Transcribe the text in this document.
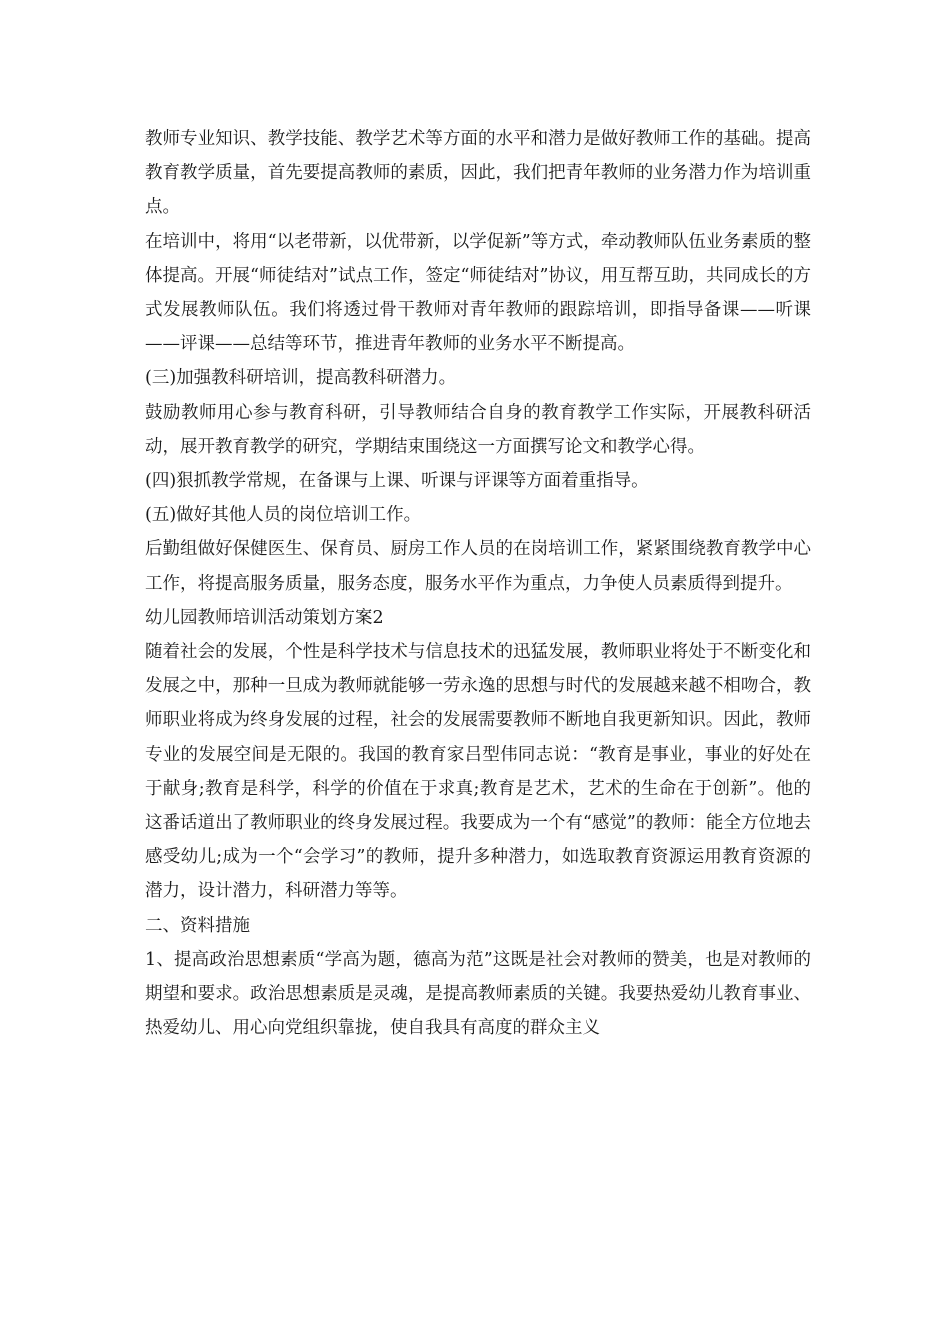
教师专业知识、教学技能、教学艺术等方面的水平和潜力是做好教师工作的基础。提高教育教学质量，首先要提高教师的素质，因此，我们把青年教师的业务潜力作为培训重点。

在培训中，将用“以老带新，以优带新，以学促新”等方式，牵动教师队伍业务素质的整体提高。开展“师徒结对”试点工作，签定“师徒结对”协议，用互帮互助，共同成长的方式发展教师队伍。我们将透过骨干教师对青年教师的跟踪培训，即指导备课——听课——评课——总结等环节，推进青年教师的业务水平不断提高。

(三)加强教科研培训，提高教科研潜力。

鼓励教师用心参与教育科研，引导教师结合自身的教育教学工作实际，开展教科研活动，展开教育教学的研究，学期结束围绕这一方面撰写论文和教学心得。

(四)狠抓教学常规，在备课与上课、听课与评课等方面着重指导。

(五)做好其他人员的岗位培训工作。

后勤组做好保健医生、保育员、厨房工作人员的在岗培训工作，紧紧围绕教育教学中心工作，将提高服务质量，服务态度，服务水平作为重点，力争使人员素质得到提升。

幼儿园教师培训活动策划方案2

随着社会的发展，个性是科学技术与信息技术的迅猛发展，教师职业将处于不断变化和发展之中，那种一旦成为教师就能够一劳永逸的思想与时代的发展越来越不相吻合，教师职业将成为终身发展的过程，社会的发展需要教师不断地自我更新知识。因此，教师专业的发展空间是无限的。我国的教育家吕型伟同志说：“教育是事业，事业的好处在于献身;教育是科学，科学的价值在于求真;教育是艺术，艺术的生命在于创新”。他的这番话道出了教师职业的终身发展过程。我要成为一个有“感觉”的教师：能全方位地去感受幼儿;成为一个“会学习”的教师，提升多种潜力，如选取教育资源运用教育资源的潜力，设计潜力，科研潜力等等。

二、资料措施

1、提高政治思想素质“学高为题，德高为范”这既是社会对教师的赞美，也是对教师的期望和要求。政治思想素质是灵魂，是提高教师素质的关键。我要热爱幼儿教育事业、热爱幼儿、用心向党组织靠拢，使自我具有高度的群众主义
